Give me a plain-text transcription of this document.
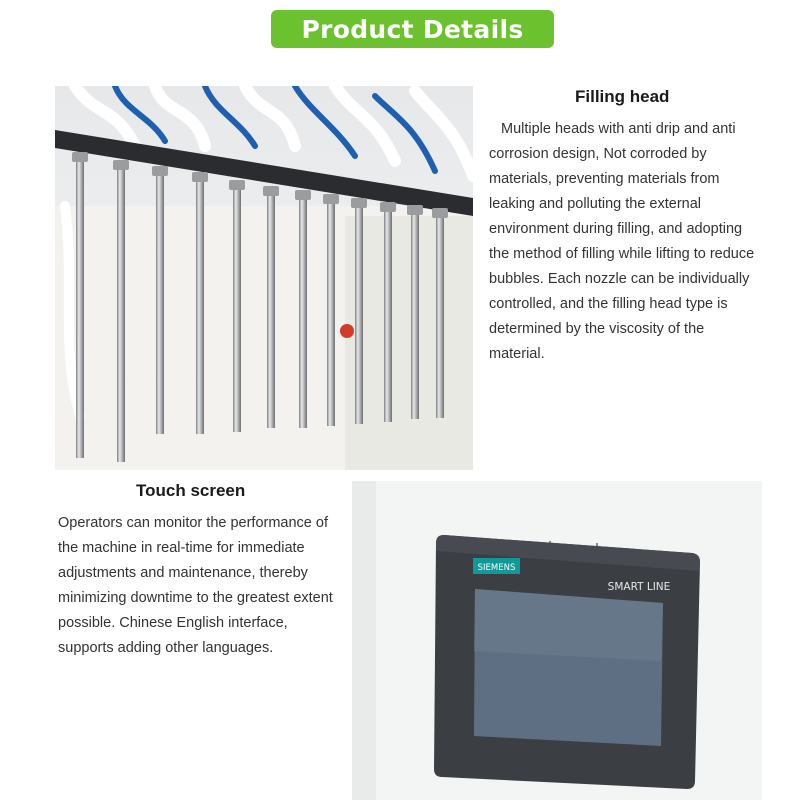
Product Details
Filling head

Multiple heads with anti drip and anti corrosion design, Not corroded by materials, preventing materials from leaking and polluting the external environment during filling, and adopting the method of filling while lifting to reduce bubbles. Each nozzle can be individually controlled, and the filling head type is determined by the viscosity of the material.

Touch screen

Operators can monitor the performance of the machine in real-time for immediate adjustments and maintenance, thereby minimizing downtime to the greatest extent possible. Chinese English interface, supports adding other languages.

SIEMENS
SMART LINE
